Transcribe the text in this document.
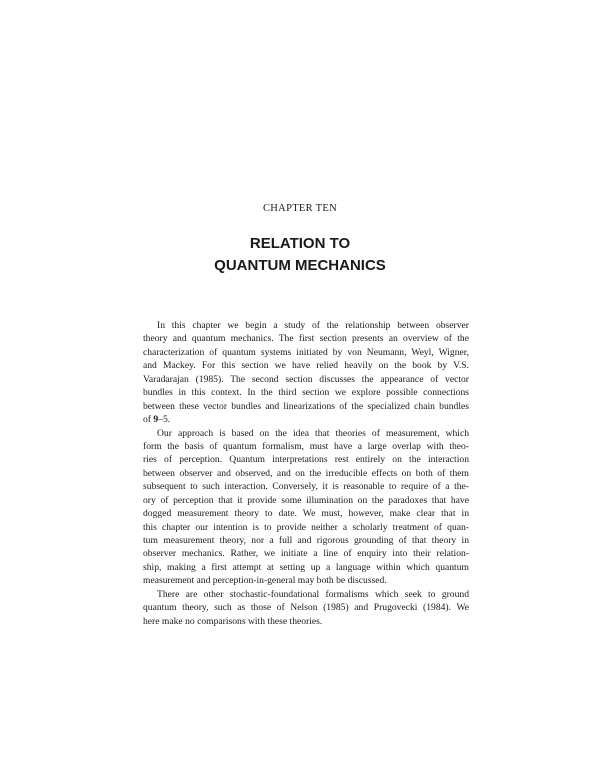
CHAPTER TEN
RELATION TO
QUANTUM MECHANICS

In this chapter we begin a study of the relationship between observer
theory and quantum mechanics. The first section presents an overview of the
characterization of quantum systems initiated by von Neumann, Weyl, Wigner,
and Mackey. For this section we have relied heavily on the book by V.S.
Varadarajan (1985). The second section discusses the appearance of vector
bundles in this context. In the third section we explore possible connections
between these vector bundles and linearizations of the specialized chain bundles
of 9–5.

Our approach is based on the idea that theories of measurement, which
form the basis of quantum formalism, must have a large overlap with theo-
ries of perception. Quantum interpretations rest entirely on the interaction
between observer and observed, and on the irreducible effects on both of them
subsequent to such interaction. Conversely, it is reasonable to require of a the-
ory of perception that it provide some illumination on the paradoxes that have
dogged measurement theory to date. We must, however, make clear that in
this chapter our intention is to provide neither a scholarly treatment of quan-
tum measurement theory, nor a full and rigorous grounding of that theory in
observer mechanics. Rather, we initiate a line of enquiry into their relation-
ship, making a first attempt at setting up a language within which quantum
measurement and perception-in-general may both be discussed.

There are other stochastic-foundational formalisms which seek to ground
quantum theory, such as those of Nelson (1985) and Prugovecki (1984). We
here make no comparisons with these theories.
